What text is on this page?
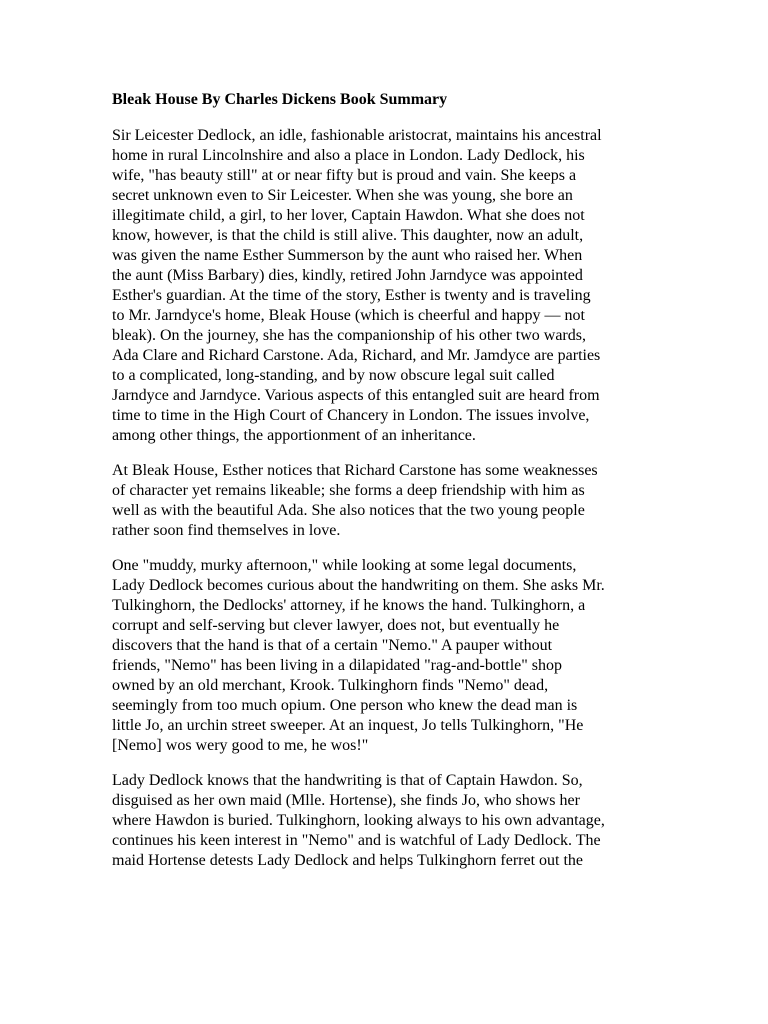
Bleak House By Charles Dickens Book Summary
Sir Leicester Dedlock, an idle, fashionable aristocrat, maintains his ancestral
home in rural Lincolnshire and also a place in London. Lady Dedlock, his
wife, "has beauty still" at or near fifty but is proud and vain. She keeps a
secret unknown even to Sir Leicester. When she was young, she bore an
illegitimate child, a girl, to her lover, Captain Hawdon. What she does not
know, however, is that the child is still alive. This daughter, now an adult,
was given the name Esther Summerson by the aunt who raised her. When
the aunt (Miss Barbary) dies, kindly, retired John Jarndyce was appointed
Esther's guardian. At the time of the story, Esther is twenty and is traveling
to Mr. Jarndyce's home, Bleak House (which is cheerful and happy — not
bleak). On the journey, she has the companionship of his other two wards,
Ada Clare and Richard Carstone. Ada, Richard, and Mr. Jamdyce are parties
to a complicated, long-standing, and by now obscure legal suit called
Jarndyce and Jarndyce. Various aspects of this entangled suit are heard from
time to time in the High Court of Chancery in London. The issues involve,
among other things, the apportionment of an inheritance.
At Bleak House, Esther notices that Richard Carstone has some weaknesses
of character yet remains likeable; she forms a deep friendship with him as
well as with the beautiful Ada. She also notices that the two young people
rather soon find themselves in love.
One "muddy, murky afternoon," while looking at some legal documents,
Lady Dedlock becomes curious about the handwriting on them. She asks Mr.
Tulkinghorn, the Dedlocks' attorney, if he knows the hand. Tulkinghorn, a
corrupt and self-serving but clever lawyer, does not, but eventually he
discovers that the hand is that of a certain "Nemo." A pauper without
friends, "Nemo" has been living in a dilapidated "rag-and-bottle" shop
owned by an old merchant, Krook. Tulkinghorn finds "Nemo" dead,
seemingly from too much opium. One person who knew the dead man is
little Jo, an urchin street sweeper. At an inquest, Jo tells Tulkinghorn, "He
[Nemo] wos wery good to me, he wos!"
Lady Dedlock knows that the handwriting is that of Captain Hawdon. So,
disguised as her own maid (Mlle. Hortense), she finds Jo, who shows her
where Hawdon is buried. Tulkinghorn, looking always to his own advantage,
continues his keen interest in "Nemo" and is watchful of Lady Dedlock. The
maid Hortense detests Lady Dedlock and helps Tulkinghorn ferret out the
